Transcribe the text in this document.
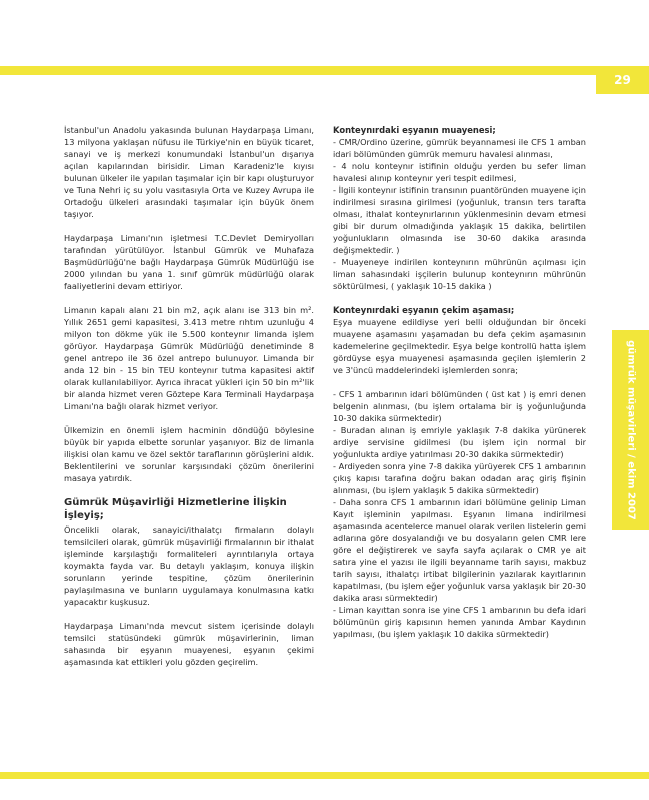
29
gümrük müşavirleri / ekim 2007

İstanbul'un Anadolu yakasında bulunan Haydarpaşa Limanı, 13 milyona yaklaşan nüfusu ile Türkiye'nin en büyük ticaret, sanayi ve iş merkezi konumundaki İstanbul'un dışarıya açılan kapılarından birisidir. Liman Karadeniz'le kıyısı bulunan ülkeler ile yapılan taşımalar için bir kapı oluşturuyor ve Tuna Nehri iç su yolu vasıtasıyla Orta ve Kuzey Avrupa ile Ortadoğu ülkeleri arasındaki taşımalar için büyük önem taşıyor.

Haydarpaşa Limanı'nın işletmesi T.C.Devlet Demiryolları tarafından yürütülüyor. İstanbul Gümrük ve Muhafaza Başmüdürlüğü'ne bağlı Haydarpaşa Gümrük Müdürlüğü ise 2000 yılından bu yana 1. sınıf gümrük müdürlüğü olarak faaliyetlerini devam ettiriyor.

Limanın kapalı alanı 21 bin m2, açık alanı ise 313 bin m². Yıllık 2651 gemi kapasitesi, 3.413 metre rıhtım uzunluğu 4 milyon ton dökme yük ile 5.500 konteynır limanda işlem görüyor. Haydarpaşa Gümrük Müdürlüğü denetiminde 8 genel antrepo ile 36 özel antrepo bulunuyor. Limanda bir anda 12 bin - 15 bin TEU konteynır tutma kapasitesi aktif olarak kullanılabiliyor. Ayrıca ihracat yükleri için 50 bin m²'lik bir alanda hizmet veren Göztepe Kara Terminali Haydarpaşa Limanı'na bağlı olarak hizmet veriyor.

Ülkemizin en önemli işlem hacminin döndüğü böylesine büyük bir yapıda elbette sorunlar yaşanıyor. Biz de limanla ilişkisi olan kamu ve özel sektör taraflarının görüşlerini aldık. Beklentilerini ve sorunlar karşısındaki çözüm önerilerini masaya yatırdık.

Gümrük Müşavirliği Hizmetlerine İlişkin İşleyiş;

Öncelikli olarak, sanayici/ithalatçı firmaların dolaylı temsilcileri olarak, gümrük müşavirliği firmalarının bir ithalat işleminde karşılaştığı formaliteleri ayrıntılarıyla ortaya koymakta fayda var. Bu detaylı yaklaşım, konuya ilişkin sorunların yerinde tespitine, çözüm önerilerinin paylaşılmasına ve bunların uygulamaya konulmasına katkı yapacaktır kuşkusuz.

Haydarpaşa Limanı'nda mevcut sistem içerisinde dolaylı temsilci statüsündeki gümrük müşavirlerinin, liman sahasında bir eşyanın muayenesi, eşyanın çekimi aşamasında kat ettikleri yolu gözden geçirelim.

Konteynırdaki eşyanın muayenesi;

- CMR/Ordino üzerine, gümrük beyannamesi ile CFS 1 amban idari bölümünden gümrük memuru havalesi alınması,

- 4 nolu konteynır istifinin olduğu yerden bu sefer liman havalesi alınıp konteynır yeri tespit edilmesi,

- İlgili konteynır istifinin transının puantöründen muayene için indirilmesi sırasına girilmesi (yoğunluk, transın ters tarafta olması, ithalat konteynırlarının yüklenmesinin devam etmesi gibi bir durum olmadığında yaklaşık 15 dakika, belirtilen yoğunlukların olmasında ise 30-60 dakika arasında değişmektedir. )

- Muayeneye indirilen konteynırın mührünün açılması için liman sahasındaki işçilerin bulunup konteynırın mührünün söktürülmesi, ( yaklaşık 10-15 dakika )

Konteynırdaki eşyanın çekim aşaması;

Eşya muayene edildiyse yeri belli olduğundan bir önceki muayene aşamasını yaşamadan bu defa çekim aşamasının kademelerine geçilmektedir. Eşya belge kontrollü hatta işlem gördüyse eşya muayenesi aşamasında geçilen işlemlerin 2 ve 3'üncü maddelerindeki işlemlerden sonra;

- CFS 1 ambarının idari bölümünden ( üst kat ) iş emri denen belgenin alınması, (bu işlem ortalama bir iş yoğunluğunda 10-30 dakika sürmektedir)

- Buradan alınan iş emriyle yaklaşık 7-8 dakika yürünerek ardiye servisine gidilmesi (bu işlem için normal bir yoğunlukta ardiye yatırılması 20-30 dakika sürmektedir)

- Ardiyeden sonra yine 7-8 dakika yürüyerek CFS 1 ambarının çıkış kapısı tarafına doğru bakan odadan araç giriş fişinin alınması, (bu işlem yaklaşık 5 dakika sürmektedir)

- Daha sonra CFS 1 ambarının idari bölümüne gelinip Liman Kayıt işleminin yapılması. Eşyanın limana indirilmesi aşamasında acentelerce manuel olarak verilen listelerin gemi adlarına göre dosyalandığı ve bu dosyaların gelen CMR lere göre el değiştirerek ve sayfa sayfa açılarak o CMR ye ait satıra yine el yazısı ile ilgili beyanname tarih sayısı, makbuz tarih sayısı, ithalatçı irtibat bilgilerinin yazılarak kayıtlarının kapatılması, (bu işlem eğer yoğunluk varsa yaklaşık bir 20-30 dakika arası sürmektedir)

- Liman kayıttan sonra ise yine CFS 1 ambarının bu defa idari bölümünün giriş kapısının hemen yanında Ambar Kaydının yapılması, (bu işlem yaklaşık 10 dakika sürmektedir)
